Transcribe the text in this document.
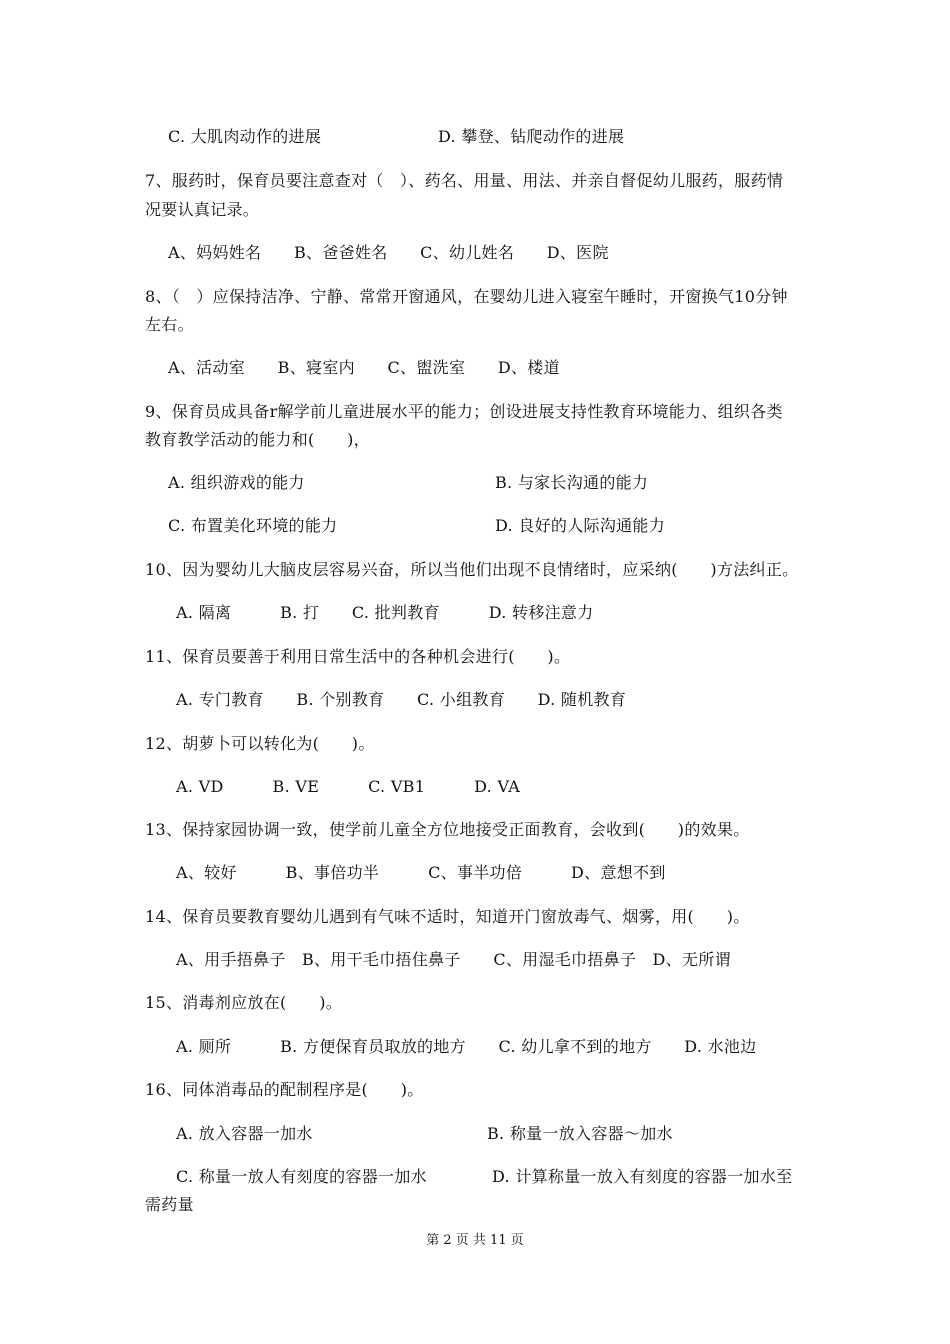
C. 大肌肉动作的进展	D. 攀登、钻爬动作的进展
7、服药时，保育员要注意查对（　）、药名、用量、用法、并亲自督促幼儿服药，服药情
况要认真记录。
A、妈妈姓名　　B、爸爸姓名　　C、幼儿姓名　　D、医院
8、（　）应保持洁净、宁静、常常开窗通风，在婴幼儿进入寝室午睡时，开窗换气10分钟
左右。
A、活动室　　B、寝室内　　C、盥洗室　　D、楼道
9、保育员成具备r解学前儿童进展水平的能力；创设进展支持性教育环境能力、组织各类
教育教学活动的能力和(　　)，
A. 组织游戏的能力	B. 与家长沟通的能力
C. 布置美化环境的能力	D. 良好的人际沟通能力
10、因为婴幼儿大脑皮层容易兴奋，所以当他们出现不良情绪时，应采纳(　　)方法纠正。
A. 隔离　　　B. 打　　C. 批判教育　　　D. 转移注意力
11、保育员要善于利用日常生活中的各种机会进行(　　)。
A. 专门教育　　B. 个别教育　　C. 小组教育　　D. 随机教育
12、胡萝卜可以转化为(　　)。
A. VD　　　B. VE　　　C. VB1　　　D. VA
13、保持家园协调一致，使学前儿童全方位地接受正面教育，会收到(　　)的效果。
A、较好　　　B、事倍功半　　　C、事半功倍　　　D、意想不到
14、保育员要教育婴幼儿遇到有气味不适时，知道开门窗放毒气、烟雾，用(　　)。
A、用手捂鼻子　B、用干毛巾捂住鼻子　　C、用湿毛巾捂鼻子　D、无所谓
15、消毒剂应放在(　　)。
A. 厕所　　　B. 方便保育员取放的地方　　C. 幼儿拿不到的地方　　D. 水池边
16、同体消毒品的配制程序是(　　)。
A. 放入容器一加水	B. 称量一放入容器～加水
C. 称量一放人有刻度的容器一加水	D. 计算称量一放入有刻度的容器一加水至
需药量
第 2 页 共 11 页
